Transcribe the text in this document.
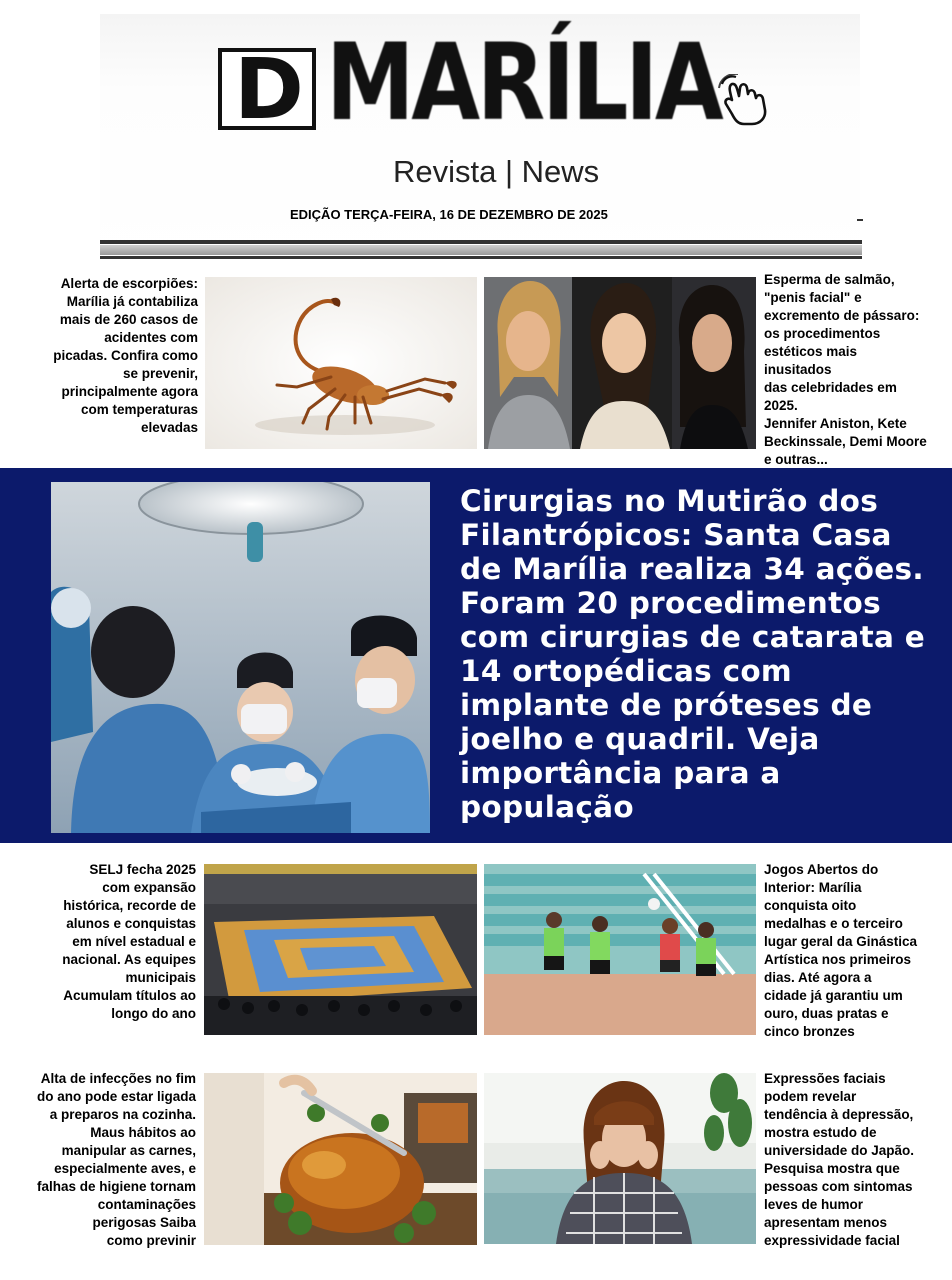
D MARÍLIA
Revista | News
EDIÇÃO TERÇA-FEIRA, 16 DE DEZEMBRO DE 2025
Alerta de escorpiões:
Marília já contabiliza
mais de 260 casos de
acidentes com
picadas. Confira como
se prevenir,
principalmente agora
com temperaturas
elevadas
Esperma de salmão,
"penis facial" e
excremento de pássaro:
os procedimentos
estéticos mais
inusitados
das celebridades em
2025.
Jennifer Aniston, Kete
Beckinssale, Demi Moore
e outras...
Cirurgias no Mutirão dos
Filantrópicos: Santa Casa
de Marília realiza 34 ações.
Foram 20 procedimentos
com cirurgias de catarata e
14 ortopédicas com
implante de próteses de
joelho e quadril. Veja
importância para a
população
SELJ fecha 2025
com expansão
histórica, recorde de
alunos e conquistas
em nível estadual e
nacional. As equipes
municipais
Acumulam títulos ao
longo do ano
Jogos Abertos do
Interior: Marília
conquista oito
medalhas e o terceiro
lugar geral da Ginástica
Artística nos primeiros
dias. Até agora a
cidade já garantiu um
ouro, duas pratas e
cinco bronzes
Alta de infecções no fim
do ano pode estar ligada
a preparos na cozinha.
Maus hábitos ao
manipular as carnes,
especialmente aves, e
falhas de higiene tornam
contaminações
perigosas Saiba
como previnir
Expressões faciais
podem revelar
tendência à depressão,
mostra estudo de
universidade do Japão.
Pesquisa mostra que
pessoas com sintomas
leves de humor
apresentam menos
expressividade facial
